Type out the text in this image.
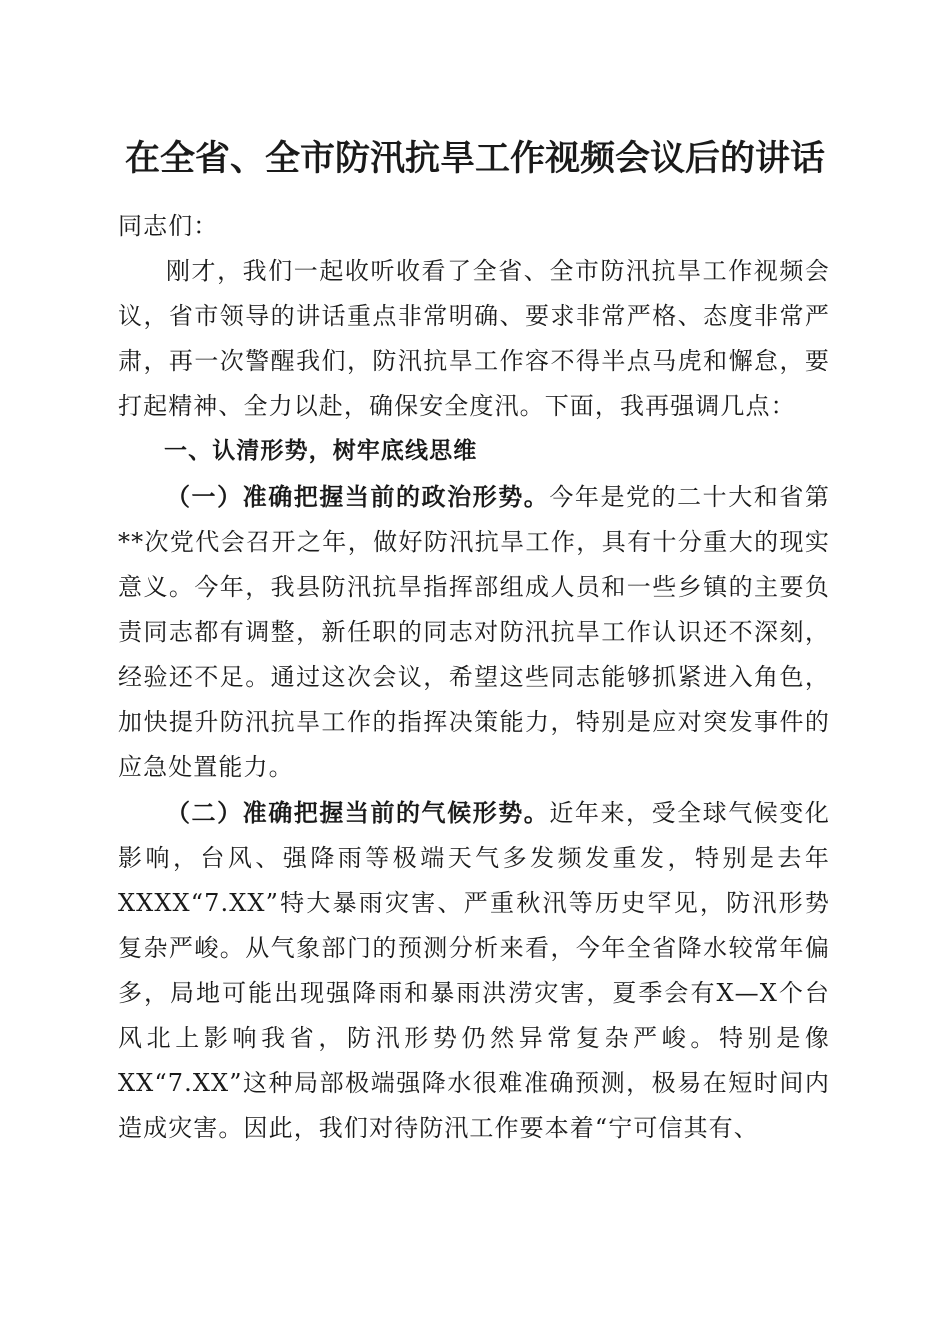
在全省、全市防汛抗旱工作视频会议后的讲话

同志们：

刚才，我们一起收听收看了全省、全市防汛抗旱工作视频会议，省市领导的讲话重点非常明确、要求非常严格、态度非常严肃，再一次警醒我们，防汛抗旱工作容不得半点马虎和懈怠，要打起精神、全力以赴，确保安全度汛。下面，我再强调几点：

一、认清形势，树牢底线思维

（一）准确把握当前的政治形势。今年是党的二十大和省第**次党代会召开之年，做好防汛抗旱工作，具有十分重大的现实意义。今年，我县防汛抗旱指挥部组成人员和一些乡镇的主要负责同志都有调整，新任职的同志对防汛抗旱工作认识还不深刻，经验还不足。通过这次会议，希望这些同志能够抓紧进入角色，加快提升防汛抗旱工作的指挥决策能力，特别是应对突发事件的应急处置能力。

（二）准确把握当前的气候形势。近年来，受全球气候变化影响，台风、强降雨等极端天气多发频发重发，特别是去年XXXX“7.XX”特大暴雨灾害、严重秋汛等历史罕见，防汛形势复杂严峻。从气象部门的预测分析来看，今年全省降水较常年偏多，局地可能出现强降雨和暴雨洪涝灾害，夏季会有X—X个台风北上影响我省，防汛形势仍然异常复杂严峻。特别是像XX“7.XX”这种局部极端强降水很难准确预测，极易在短时间内造成灾害。因此，我们对待防汛工作要本着“宁可信其有、
